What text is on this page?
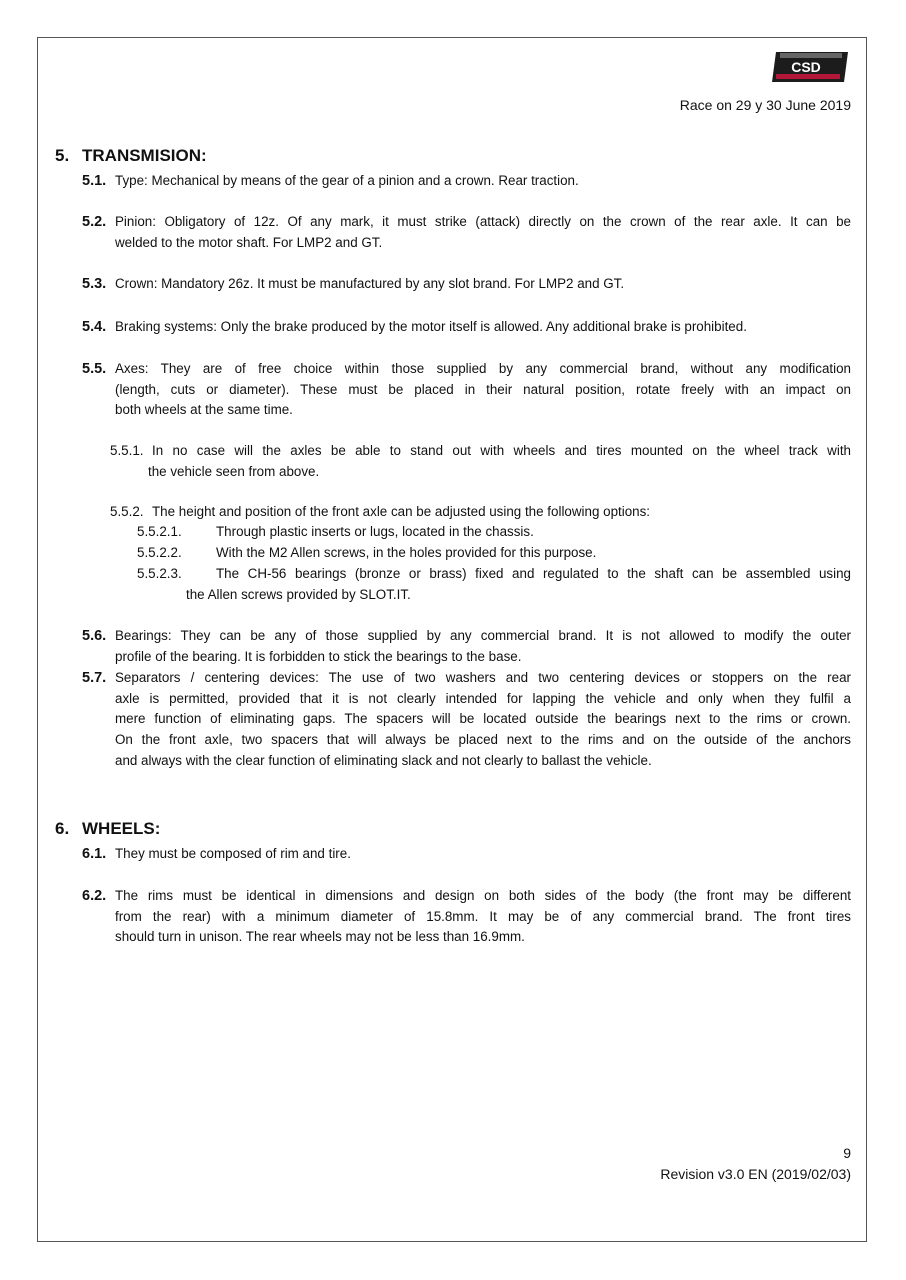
CSD
Race on 29 y 30 June 2019
5. TRANSMISION:
6. WHEELS:
5.1. Type: Mechanical by means of the gear of a pinion and a crown. Rear traction.
5.2. Pinion: Obligatory of 12z. Of any mark, it must strike (attack) directly on the crown of the rear axle. It can be
welded to the motor shaft. For LMP2 and GT.
5.3. Crown: Mandatory 26z. It must be manufactured by any slot brand. For LMP2 and GT.
5.4. Braking systems: Only the brake produced by the motor itself is allowed. Any additional brake is prohibited.
5.5. Axes: They are of free choice within those supplied by any commercial brand, without any modification
(length, cuts or diameter). These must be placed in their natural position, rotate freely with an impact on
both wheels at the same time.
5.5.1. In no case will the axles be able to stand out with wheels and tires mounted on the wheel track with
the vehicle seen from above.
5.5.2. The height and position of the front axle can be adjusted using the following options:
5.5.2.1.	Through plastic inserts or lugs, located in the chassis.
5.5.2.2.	With the M2 Allen screws, in the holes provided for this purpose.
5.5.2.3.	The CH-56 bearings (bronze or brass) fixed and regulated to the shaft can be assembled using
the Allen screws provided by SLOT.IT.
5.6. Bearings: They can be any of those supplied by any commercial brand. It is not allowed to modify the outer
profile of the bearing. It is forbidden to stick the bearings to the base.
5.7. Separators / centering devices: The use of two washers and two centering devices or stoppers on the rear
axle is permitted, provided that it is not clearly intended for lapping the vehicle and only when they fulfil a
mere function of eliminating gaps. The spacers will be located outside the bearings next to the rims or crown.
On the front axle, two spacers that will always be placed next to the rims and on the outside of the anchors
and always with the clear function of eliminating slack and not clearly to ballast the vehicle.
6.1. They must be composed of rim and tire.
6.2. The rims must be identical in dimensions and design on both sides of the body (the front may be different
from the rear) with a minimum diameter of 15.8mm. It may be of any commercial brand. The front tires
should turn in unison. The rear wheels may not be less than 16.9mm.
9
Revision v3.0 EN (2019/02/03)
